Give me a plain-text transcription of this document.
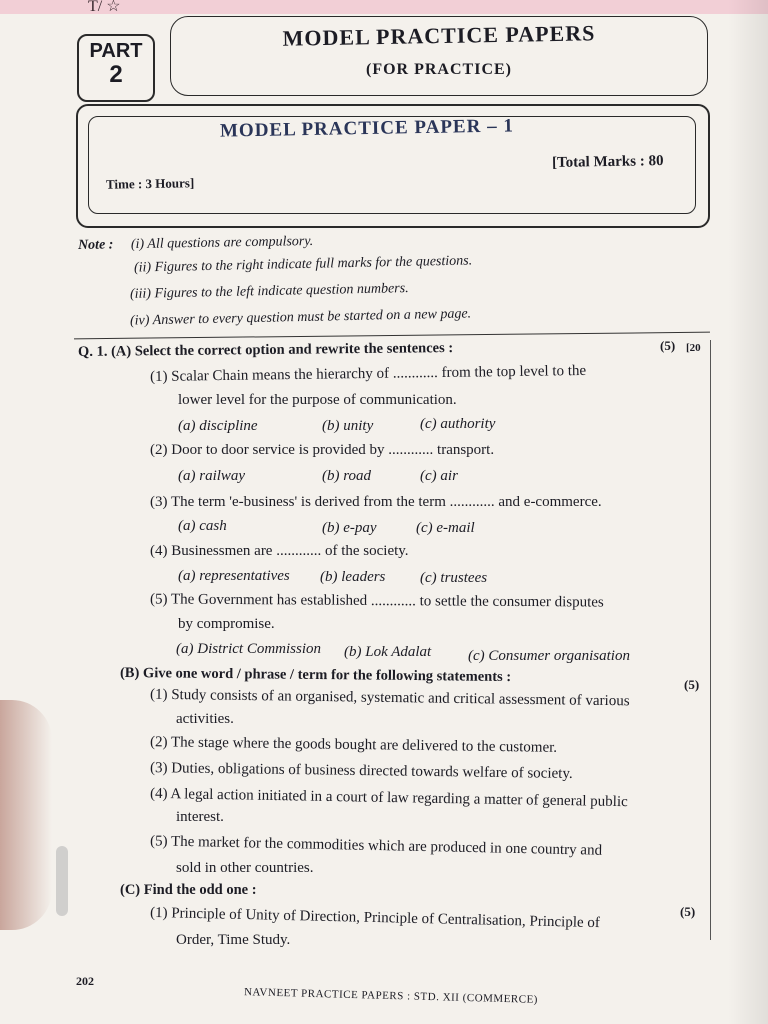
T/ ☆
PART
2
MODEL PRACTICE PAPERS
(FOR PRACTICE)
MODEL PRACTICE PAPER – 1
[Total Marks : 80
Time : 3 Hours]
Note : (i) All questions are compulsory.
(ii) Figures to the right indicate full marks for the questions.
(iii) Figures to the left indicate question numbers.
(iv) Answer to every question must be started on a new page.
Q. 1. (A) Select the correct option and rewrite the sentences :	(5) [20
(1) Scalar Chain means the hierarchy of ............ from the top level to the
lower level for the purpose of communication.
(a) discipline	(b) unity	(c) authority
(2) Door to door service is provided by ............ transport.
(a) railway	(b) road	(c) air
(3) The term 'e-business' is derived from the term ............ and e-commerce.
(a) cash	(b) e-pay	(c) e-mail
(4) Businessmen are ............ of the society.
(a) representatives (b) leaders (c) trustees
(5) The Government has established ............ to settle the consumer disputes
by compromise.
(a) District Commission (b) Lok Adalat (c) Consumer organisation
(B) Give one word / phrase / term for the following statements :	(5)
(1) Study consists of an organised, systematic and critical assessment of various
activities.
(2) The stage where the goods bought are delivered to the customer.
(3) Duties, obligations of business directed towards welfare of society.
(4) A legal action initiated in a court of law regarding a matter of general public
interest.
(5) The market for the commodities which are produced in one country and
sold in other countries.
(C) Find the odd one :
(5)
(1) Principle of Unity of Direction, Principle of Centralisation, Principle of
Order, Time Study.
202
NAVNEET PRACTICE PAPERS : STD. XII (COMMERCE)
